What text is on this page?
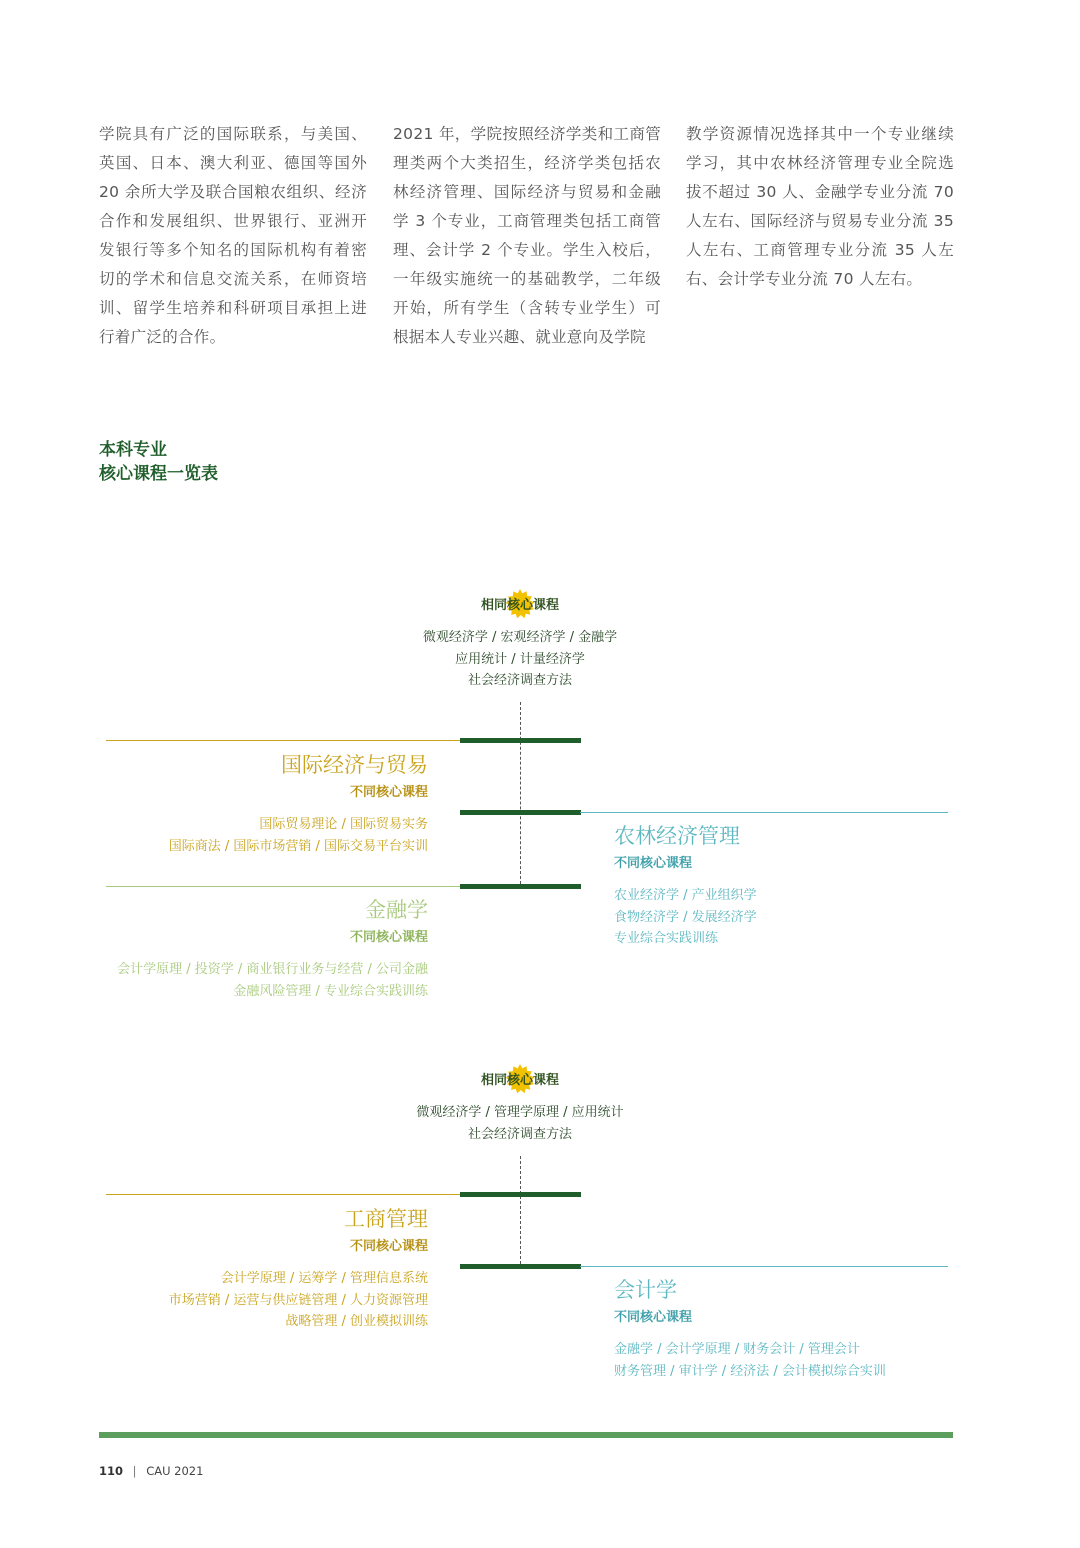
学院具有广泛的国际联系，与美国、英国、日本、澳大利亚、德国等国外 20 余所大学及联合国粮农组织、经济合作和发展组织、世界银行、亚洲开发银行等多个知名的国际机构有着密切的学术和信息交流关系，在师资培训、留学生培养和科研项目承担上进行着广泛的合作。

2021 年，学院按照经济学类和工商管理类两个大类招生，经济学类包括农林经济管理、国际经济与贸易和金融学 3 个专业，工商管理类包括工商管理、会计学 2 个专业。学生入校后，一年级实施统一的基础教学，二年级开始，所有学生（含转专业学生）可根据本人专业兴趣、就业意向及学院

教学资源情况选择其中一个专业继续学习，其中农林经济管理专业全院选拔不超过 30 人、金融学专业分流 70 人左右、国际经济与贸易专业分流 35 人左右、工商管理专业分流 35 人左右、会计学专业分流 70 人左右。

本科专业
核心课程一览表
相同核心课程
微观经济学 / 宏观经济学 / 金融学
应用统计 / 计量经济学
社会经济调查方法
国际经济与贸易
不同核心课程
国际贸易理论 / 国际贸易实务
国际商法 / 国际市场营销 / 国际交易平台实训	农林经济管理
不同核心课程
农业经济学 / 产业组织学
食物经济学 / 发展经济学
专业综合实践训练
金融学
不同核心课程
会计学原理 / 投资学 / 商业银行业务与经营 / 公司金融
金融风险管理 / 专业综合实践训练
相同核心课程
微观经济学 / 管理学原理 / 应用统计
社会经济调查方法
工商管理
不同核心课程
会计学原理 / 运筹学 / 管理信息系统
市场营销 / 运营与供应链管理 / 人力资源管理
战略管理 / 创业模拟训练
会计学
不同核心课程
金融学 / 会计学原理 / 财务会计 / 管理会计
财务管理 / 审计学 / 经济法 / 会计模拟综合实训
110 | CAU 2021
